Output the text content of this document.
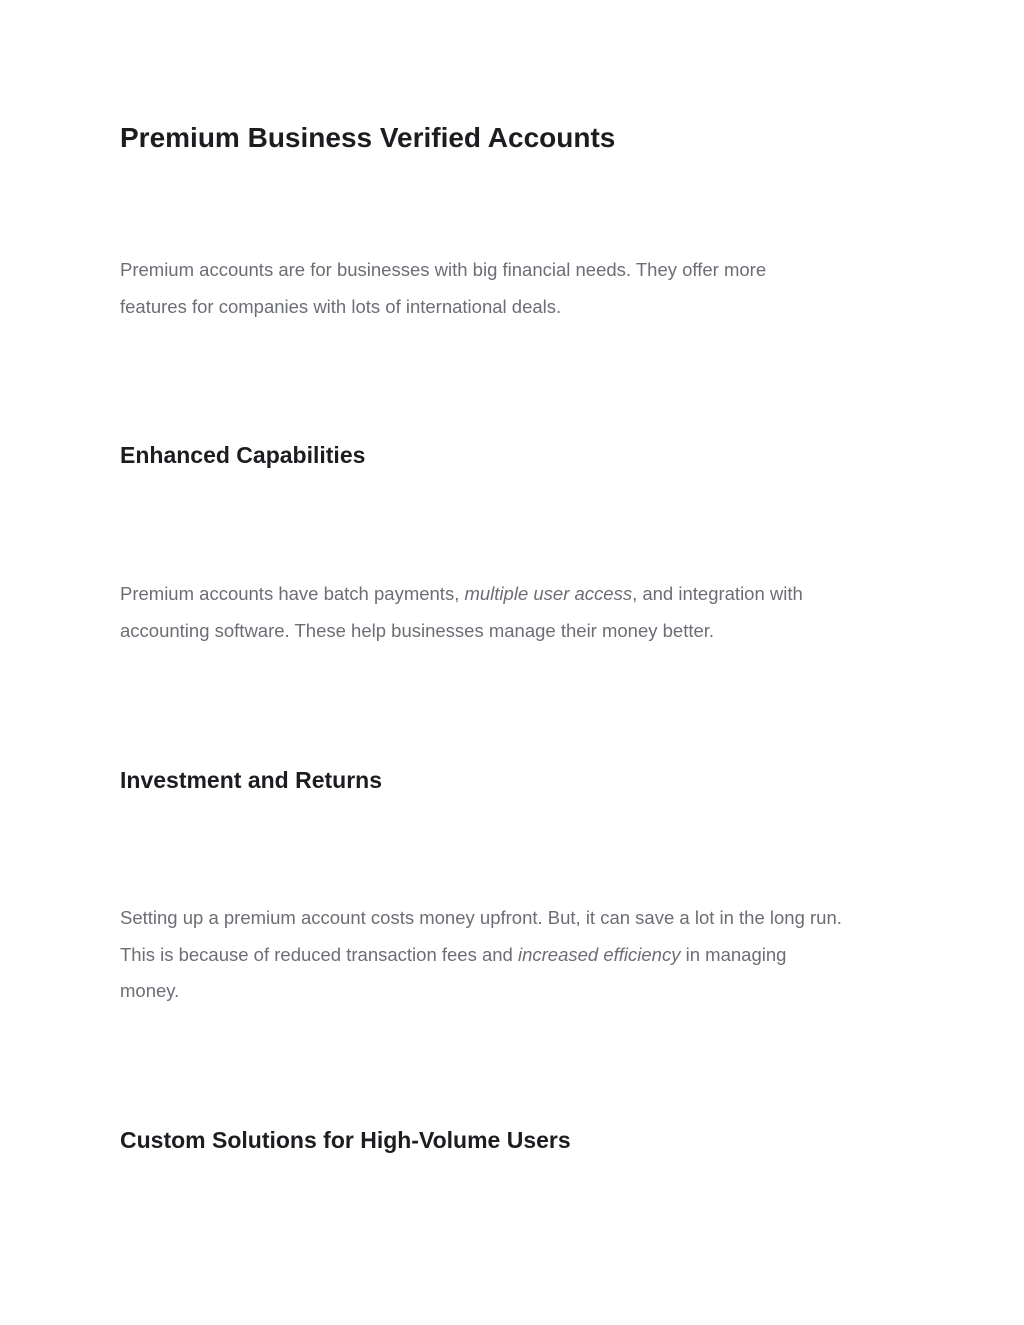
Premium Business Verified Accounts

Premium accounts are for businesses with big financial needs. They offer more
features for companies with lots of international deals.

Enhanced Capabilities

Premium accounts have batch payments, multiple user access, and integration with
accounting software. These help businesses manage their money better.

Investment and Returns

Setting up a premium account costs money upfront. But, it can save a lot in the long run.
This is because of reduced transaction fees and increased efficiency in managing
money.

Custom Solutions for High-Volume Users
